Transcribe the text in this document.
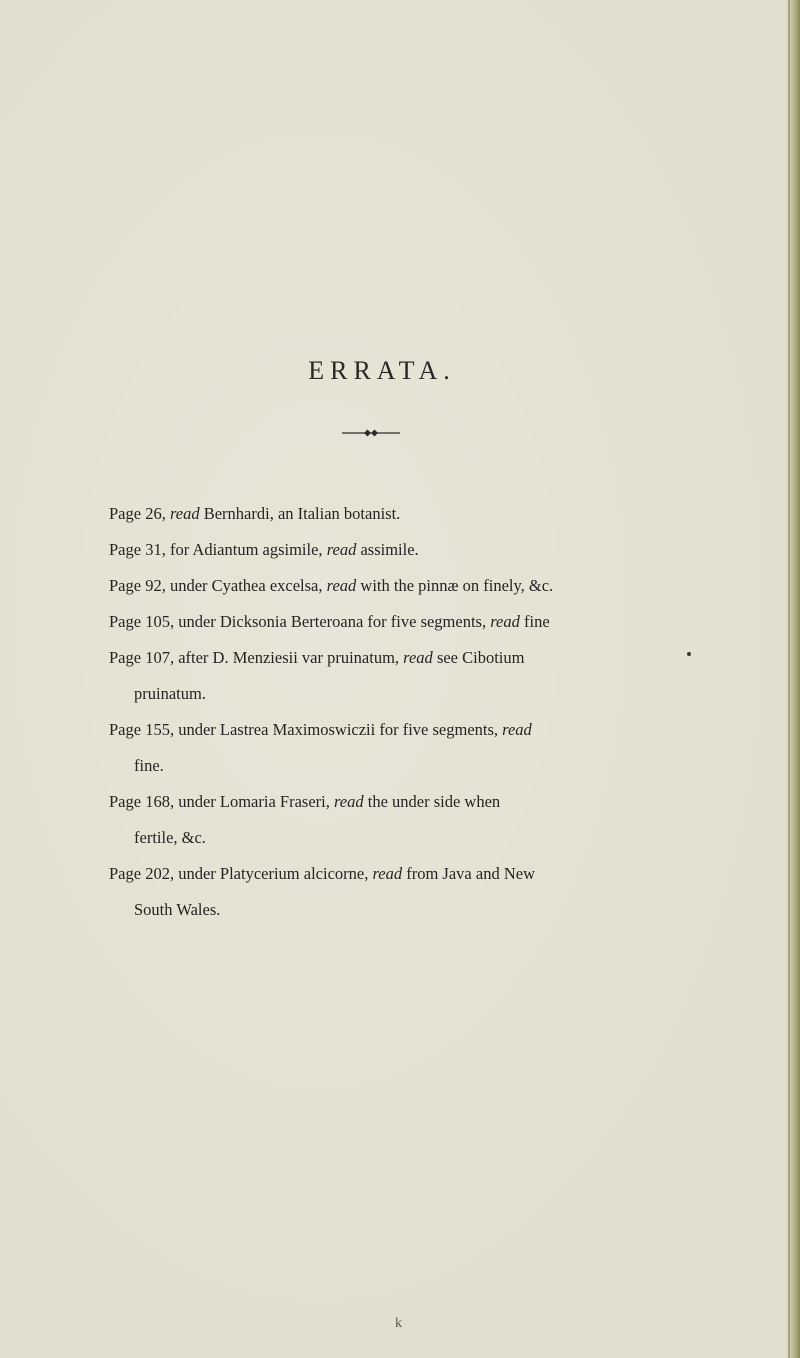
ERRATA.
Page 26, read Bernhardi, an Italian botanist.
Page 31, for Adiantum agsimile, read assimile.
Page 92, under Cyathea excelsa, read with the pinnæ on finely, &c.
Page 105, under Dicksonia Berteroana for five segments, read fine
Page 107, after D. Menziesii var pruinatum, read see Cibotium
pruinatum.
Page 155, under Lastrea Maximoswiczii for five segments, read
fine.
Page 168, under Lomaria Fraseri, read the under side when
fertile, &c.
Page 202, under Platycerium alcicorne, read from Java and New
South Wales.
k
